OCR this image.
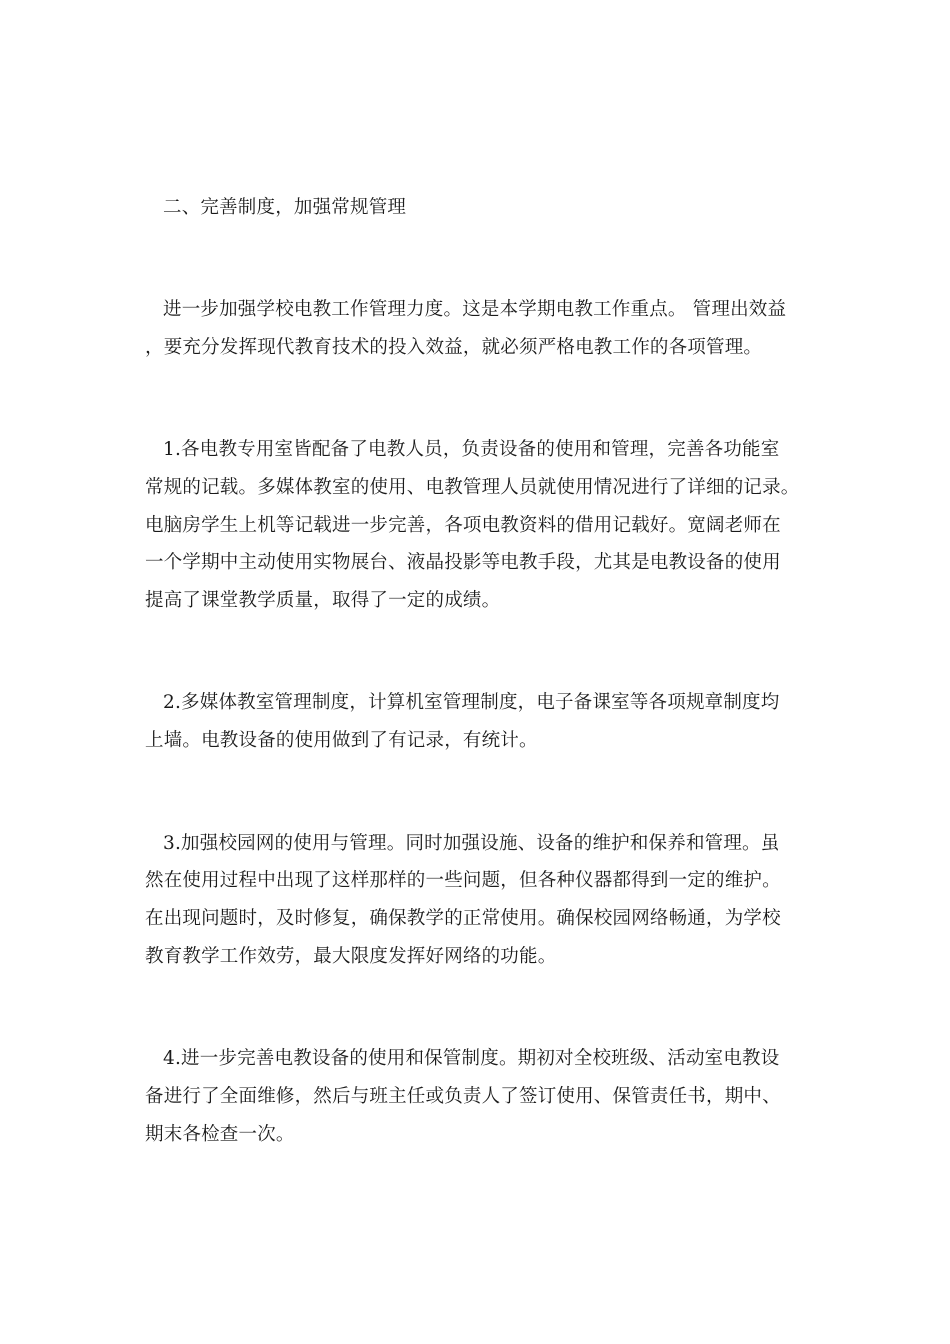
二、完善制度，加强常规管理
进一步加强学校电教工作管理力度。这是本学期电教工作重点。 管理出效益
，要充分发挥现代教育技术的投入效益，就必须严格电教工作的各项管理。
1.各电教专用室皆配备了电教人员，负责设备的使用和管理，完善各功能室
常规的记载。多媒体教室的使用、电教管理人员就使用情况进行了详细的记录。
电脑房学生上机等记载进一步完善，各项电教资料的借用记载好。宽阔老师在
一个学期中主动使用实物展台、液晶投影等电教手段，尤其是电教设备的使用
提高了课堂教学质量，取得了一定的成绩。
2.多媒体教室管理制度，计算机室管理制度，电子备课室等各项规章制度均
上墙。电教设备的使用做到了有记录，有统计。
3.加强校园网的使用与管理。同时加强设施、设备的维护和保养和管理。虽
然在使用过程中出现了这样那样的一些问题，但各种仪器都得到一定的维护。
在出现问题时，及时修复，确保教学的正常使用。确保校园网络畅通，为学校
教育教学工作效劳，最大限度发挥好网络的功能。
4.进一步完善电教设备的使用和保管制度。期初对全校班级、活动室电教设
备进行了全面维修，然后与班主任或负责人了签订使用、保管责任书，期中、
期末各检查一次。
